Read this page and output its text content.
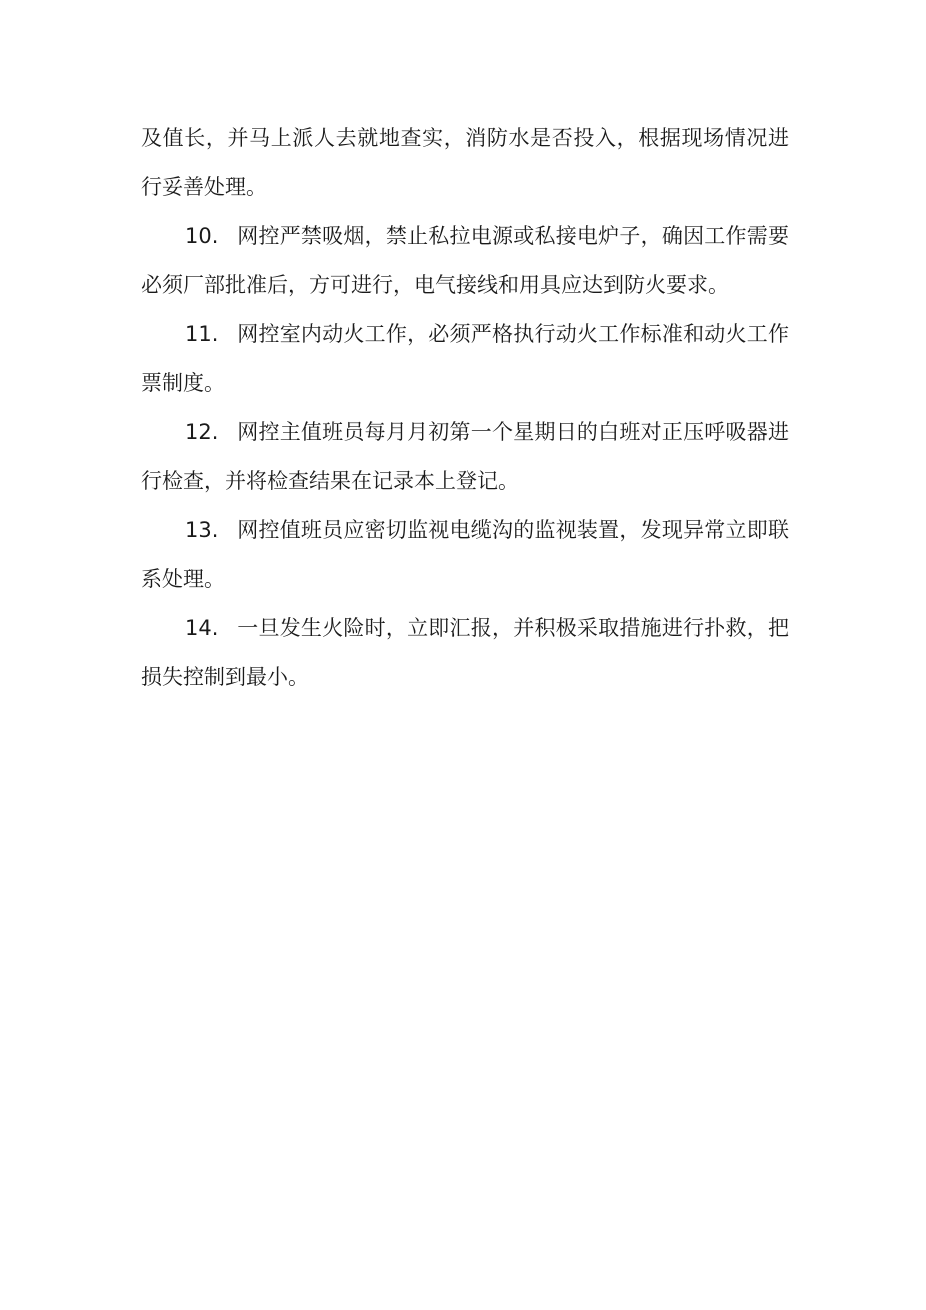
及值长，并马上派人去就地查实，消防水是否投入，根据现场情况进行妥善处理。

10. 网控严禁吸烟，禁止私拉电源或私接电炉子，确因工作需要必须厂部批准后，方可进行，电气接线和用具应达到防火要求。

11. 网控室内动火工作，必须严格执行动火工作标准和动火工作票制度。

12. 网控主值班员每月月初第一个星期日的白班对正压呼吸器进行检查，并将检查结果在记录本上登记。

13. 网控值班员应密切监视电缆沟的监视装置，发现异常立即联系处理。

14. 一旦发生火险时，立即汇报，并积极采取措施进行扑救，把损失控制到最小。
